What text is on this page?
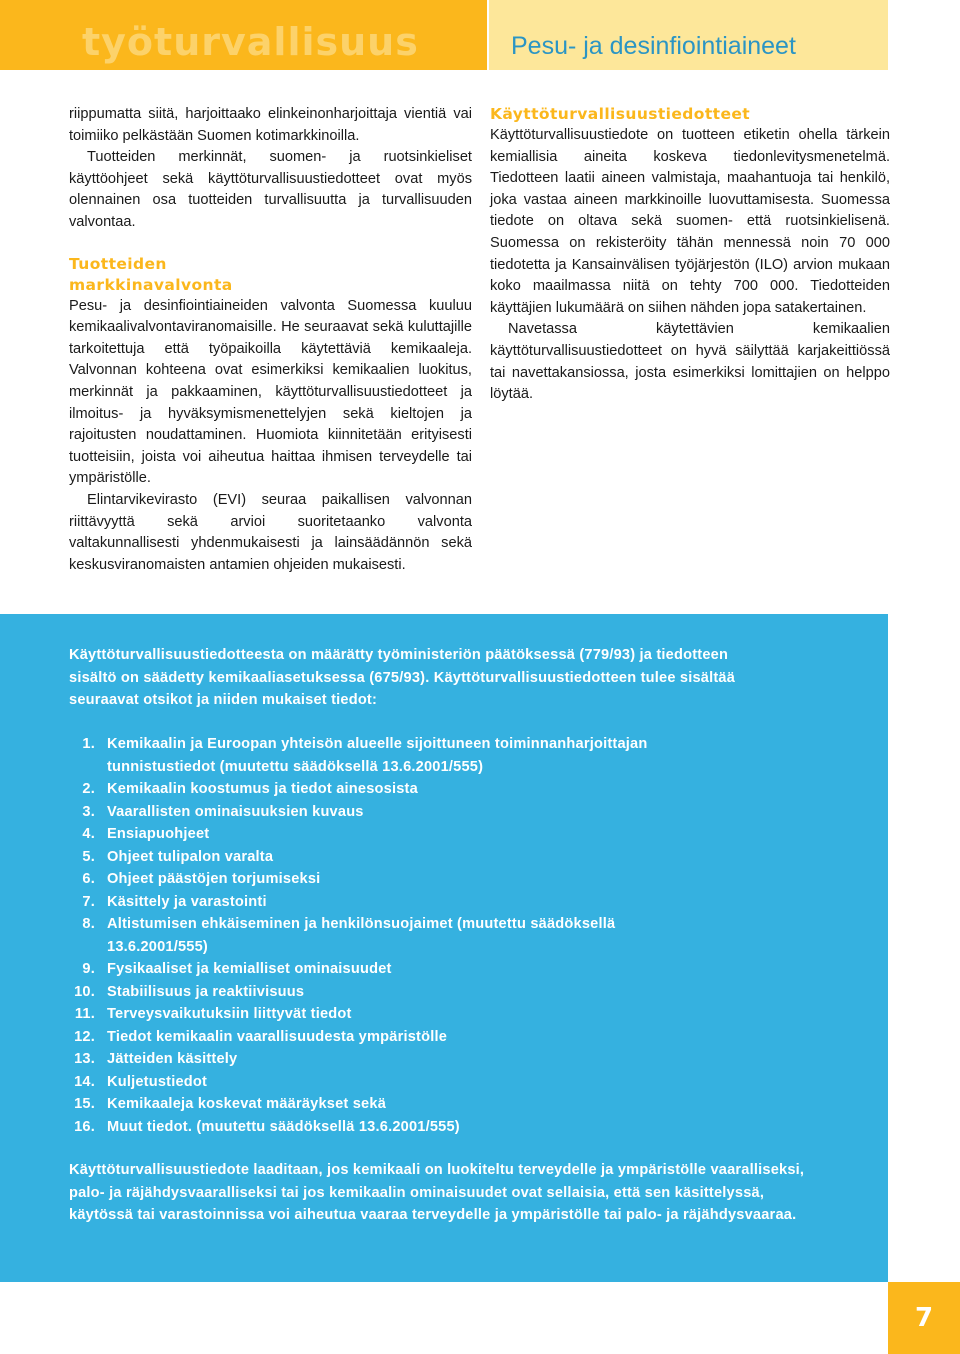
työturvallisuus	Pesu- ja desinfiointiaineet

riippumatta siitä, harjoittaako elinkeinonharjoittaja vientiä vai toimiiko pelkästään Suomen kotimarkkinoilla.

Tuotteiden merkinnät, suomen- ja ruotsinkieliset käyttöohjeet sekä käyttöturvallisuustiedotteet ovat myös olennainen osa tuotteiden turvallisuutta ja turvallisuuden valvontaa.

Tuotteiden
markkinavalvonta

Pesu- ja desinfiointiaineiden valvonta Suomessa kuuluu kemikaalivalvontaviranomaisille. He seuraavat sekä kuluttajille tarkoitettuja että työpaikoilla käytettäviä kemikaaleja. Valvonnan kohteena ovat esimerkiksi kemikaalien luokitus, merkinnät ja pakkaaminen, käyttöturvallisuustiedotteet ja ilmoitus- ja hyväksymismenettelyjen sekä kieltojen ja rajoitusten noudattaminen. Huomiota kiinnitetään erityisesti tuotteisiin, joista voi aiheutua haittaa ihmisen terveydelle tai ympäristölle.

Elintarvikevirasto (EVI) seuraa paikallisen valvonnan riittävyyttä sekä arvioi suoritetaanko valvonta valtakunnallisesti yhdenmukaisesti ja lainsäädännön sekä keskusviranomaisten antamien ohjeiden mukaisesti.

Käyttöturvallisuustiedotteet

Käyttöturvallisuustiedote on tuotteen etiketin ohella tärkein kemiallisia aineita koskeva tiedonlevitysmenetelmä. Tiedotteen laatii aineen valmistaja, maahantuoja tai henkilö, joka vastaa aineen markkinoille luovuttamisesta. Suomessa tiedote on oltava sekä suomen- että ruotsinkielisenä. Suomessa on rekisteröity tähän mennessä noin 70 000 tiedotetta ja Kansainvälisen työjärjestön (ILO) arvion mukaan koko maailmassa niitä on tehty 700 000. Tiedotteiden käyttäjien lukumäärä on siihen nähden jopa satakertainen.

Navetassa käytettävien kemikaalien käyttöturvallisuustiedotteet on hyvä säilyttää karjakeittiössä tai navettakansiossa, josta esimerkiksi lomittajien on helppo löytää.

Käyttöturvallisuustiedotteesta on määrätty työministeriön päätöksessä (779/93) ja tiedotteen sisältö on säädetty kemikaaliasetuksessa (675/93). Käyttöturvallisuustiedotteen tulee sisältää seuraavat otsikot ja niiden mukaiset tiedot:
1. Kemikaalin ja Euroopan yhteisön alueelle sijoittuneen toiminnanharjoittajan tunnistustiedot (muutettu säädöksellä 13.6.2001/555)
2. Kemikaalin koostumus ja tiedot ainesosista
3. Vaarallisten ominaisuuksien kuvaus
4. Ensiapuohjeet
5. Ohjeet tulipalon varalta
6. Ohjeet päästöjen torjumiseksi
7. Käsittely ja varastointi
8. Altistumisen ehkäiseminen ja henkilönsuojaimet (muutettu säädöksellä 13.6.2001/555)
9. Fysikaaliset ja kemialliset ominaisuudet
10. Stabiilisuus ja reaktiivisuus
11. Terveysvaikutuksiin liittyvät tiedot
12. Tiedot kemikaalin vaarallisuudesta ympäristölle
13. Jätteiden käsittely
14. Kuljetustiedot
15. Kemikaaleja koskevat määräykset sekä
16. Muut tiedot. (muutettu säädöksellä 13.6.2001/555)
Käyttöturvallisuustiedote laaditaan, jos kemikaali on luokiteltu terveydelle ja ympäristölle vaaralliseksi, palo- ja räjähdysvaaralliseksi tai jos kemikaalin ominaisuudet ovat sellaisia, että sen käsittelyssä, käytössä tai varastoinnissa voi aiheutua vaaraa terveydelle ja ympäristölle tai palo- ja räjähdysvaaraa.
7
